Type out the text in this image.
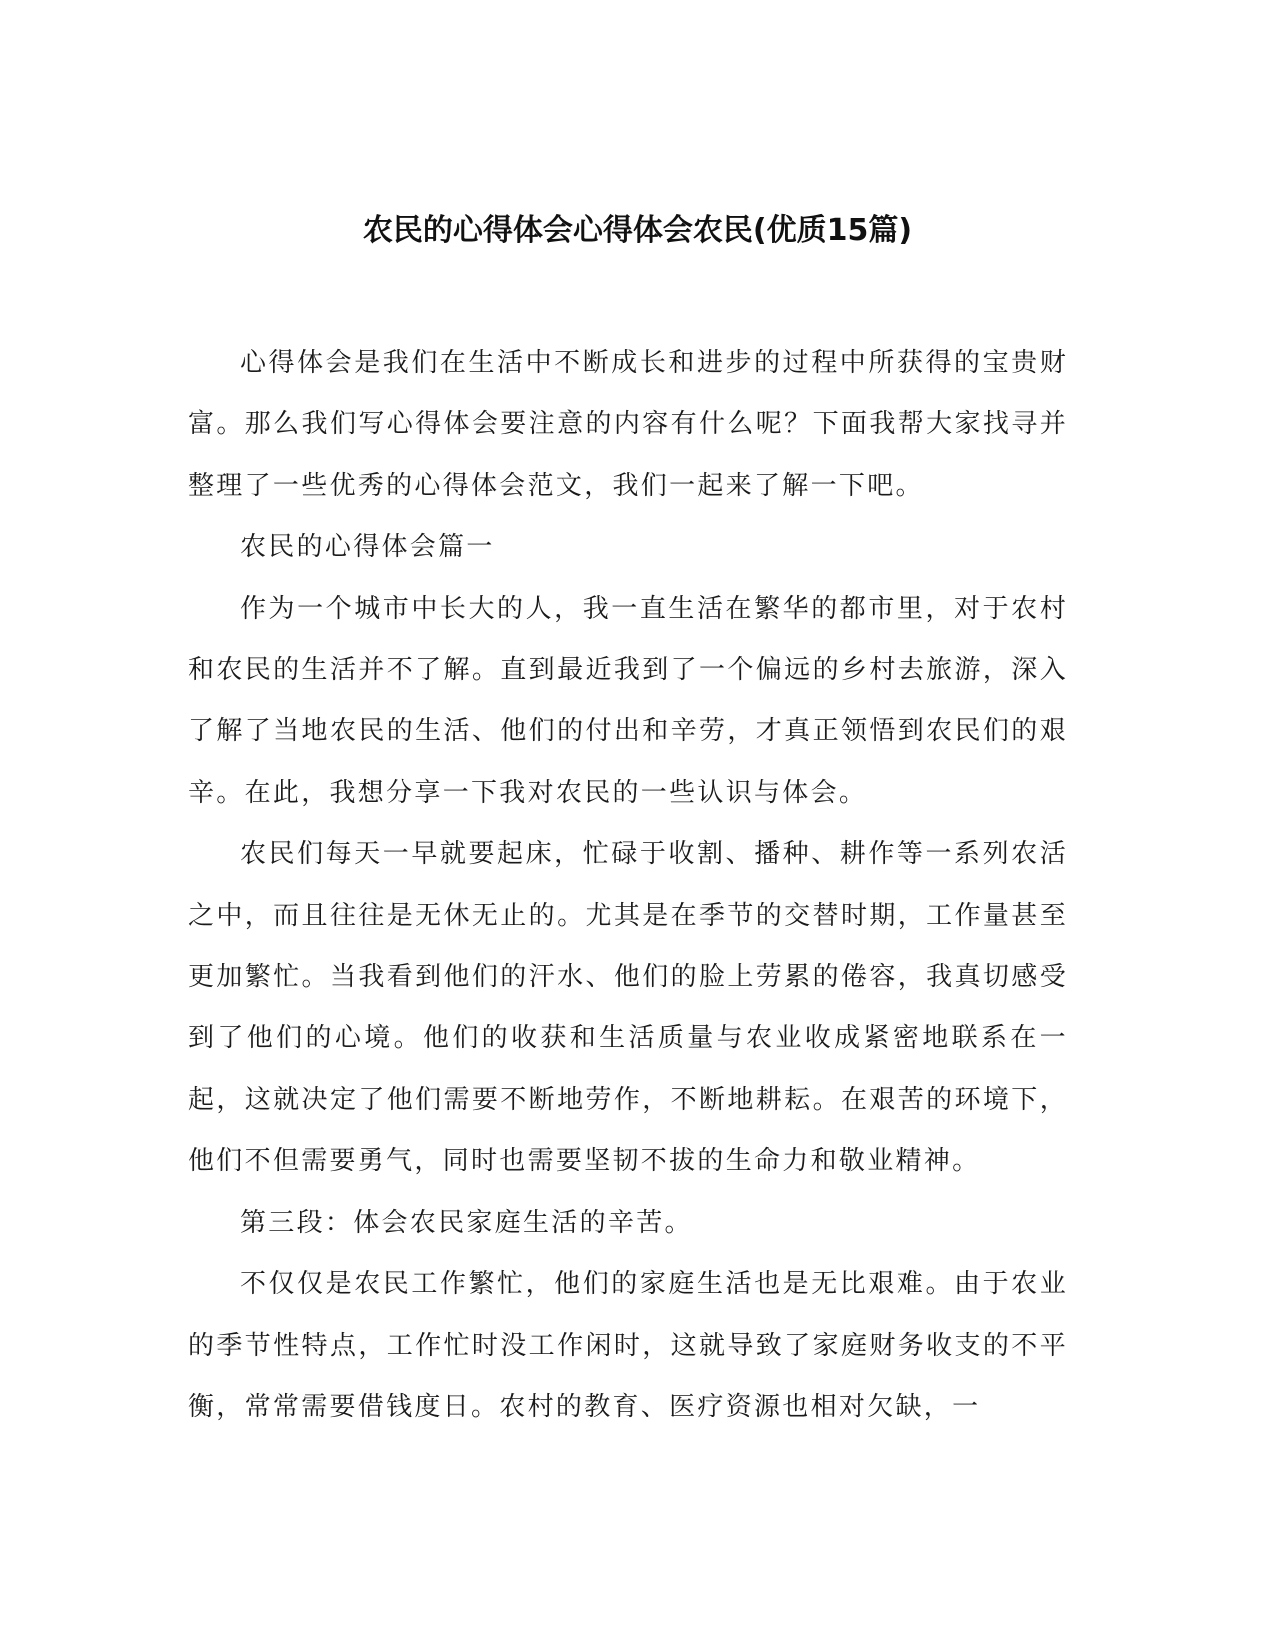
农民的心得体会心得体会农民(优质15篇)

心得体会是我们在生活中不断成长和进步的过程中所获得的宝贵财富。那么我们写心得体会要注意的内容有什么呢？下面我帮大家找寻并整理了一些优秀的心得体会范文，我们一起来了解一下吧。

农民的心得体会篇一

作为一个城市中长大的人，我一直生活在繁华的都市里，对于农村和农民的生活并不了解。直到最近我到了一个偏远的乡村去旅游，深入了解了当地农民的生活、他们的付出和辛劳，才真正领悟到农民们的艰辛。在此，我想分享一下我对农民的一些认识与体会。

农民们每天一早就要起床，忙碌于收割、播种、耕作等一系列农活之中，而且往往是无休无止的。尤其是在季节的交替时期，工作量甚至更加繁忙。当我看到他们的汗水、他们的脸上劳累的倦容，我真切感受到了他们的心境。他们的收获和生活质量与农业收成紧密地联系在一起，这就决定了他们需要不断地劳作，不断地耕耘。在艰苦的环境下，他们不但需要勇气，同时也需要坚韧不拔的生命力和敬业精神。

第三段：体会农民家庭生活的辛苦。

不仅仅是农民工作繁忙，他们的家庭生活也是无比艰难。由于农业的季节性特点，工作忙时没工作闲时，这就导致了家庭财务收支的不平衡，常常需要借钱度日。农村的教育、医疗资源也相对欠缺，一
